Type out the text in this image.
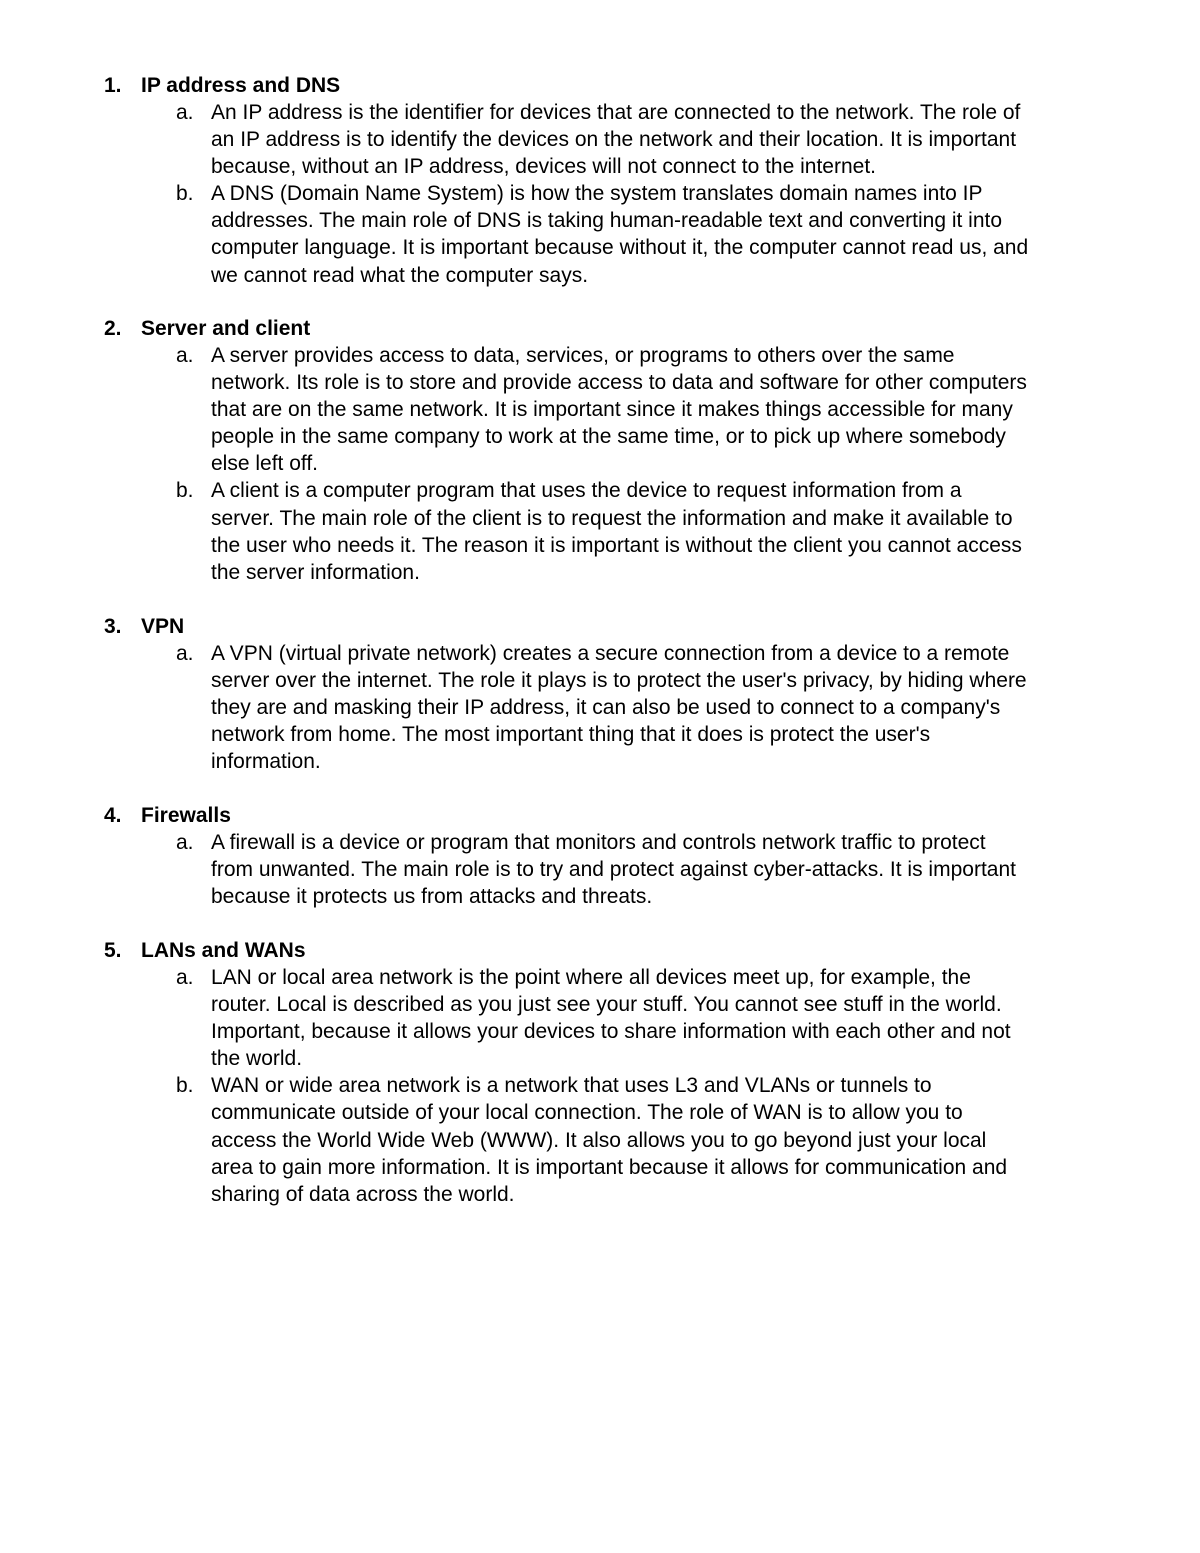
1. IP address and DNS
a. An IP address is the identifier for devices that are connected to the network. The role of
an IP address is to identify the devices on the network and their location. It is important
because, without an IP address, devices will not connect to the internet.
b. A DNS (Domain Name System) is how the system translates domain names into IP
addresses. The main role of DNS is taking human-readable text and converting it into
computer language. It is important because without it, the computer cannot read us, and
we cannot read what the computer says.
2. Server and client
a. A server provides access to data, services, or programs to others over the same
network. Its role is to store and provide access to data and software for other computers
that are on the same network. It is important since it makes things accessible for many
people in the same company to work at the same time, or to pick up where somebody
else left off.
b. A client is a computer program that uses the device to request information from a
server. The main role of the client is to request the information and make it available to
the user who needs it. The reason it is important is without the client you cannot access
the server information.
3. VPN
a. A VPN (virtual private network) creates a secure connection from a device to a remote
server over the internet. The role it plays is to protect the user's privacy, by hiding where
they are and masking their IP address, it can also be used to connect to a company's
network from home. The most important thing that it does is protect the user's
information.
4. Firewalls
a. A firewall is a device or program that monitors and controls network traffic to protect
from unwanted. The main role is to try and protect against cyber-attacks. It is important
because it protects us from attacks and threats.
5. LANs and WANs
a. LAN or local area network is the point where all devices meet up, for example, the
router. Local is described as you just see your stuff. You cannot see stuff in the world.
Important, because it allows your devices to share information with each other and not
the world.
b. WAN or wide area network is a network that uses L3 and VLANs or tunnels to
communicate outside of your local connection. The role of WAN is to allow you to
access the World Wide Web (WWW). It also allows you to go beyond just your local
area to gain more information. It is important because it allows for communication and
sharing of data across the world.
